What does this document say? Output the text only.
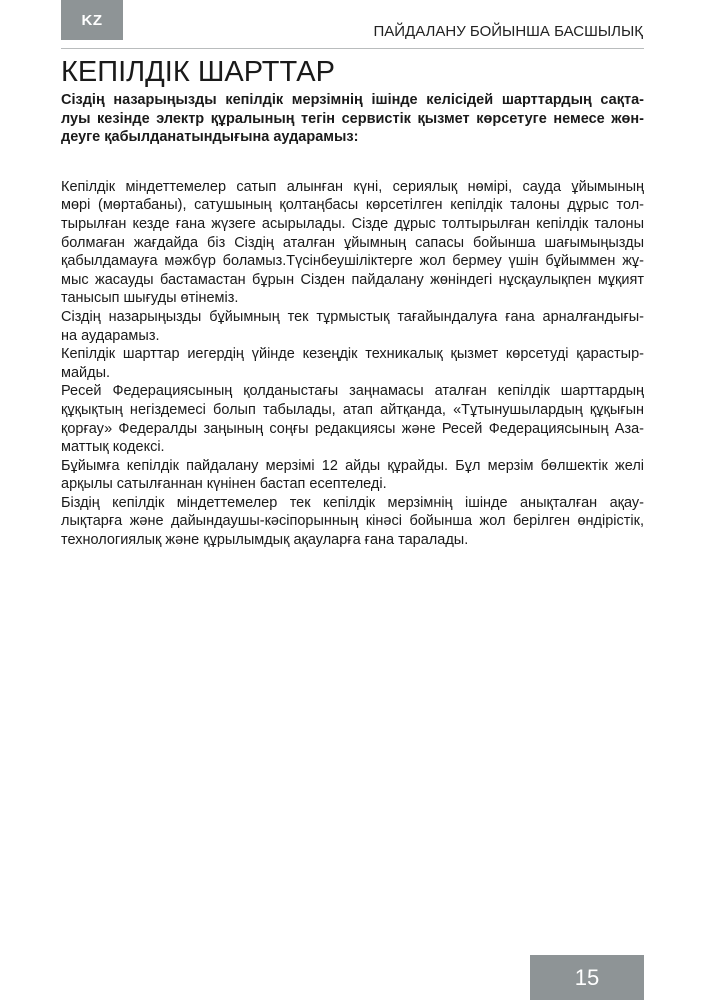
KZ
ПАЙДАЛАНУ БОЙЫНША БАСШЫЛЫҚ
КЕПІЛДІК ШАРТТАР
Сіздің назарыңызды кепілдік мерзімнің ішінде келісідей шарттардың сақта-
луы кезінде электр құралының тегін сервистік қызмет көрсетуге немесе жөн-
деуге қабылданатындығына аударамыз:
Кепілдік міндеттемелер сатып алынған күні, сериялық нөмірі, сауда ұйымының
мөрі (мөртабаны), сатушының қолтаңбасы көрсетілген кепілдік талоны дұрыс тол-
тырылған кезде ғана жүзеге асырылады. Сізде дұрыс толтырылған кепілдік талоны
болмаған жағдайда біз Сіздің аталған ұйымның сапасы бойынша шағымыңызды
қабылдамауға мәжбүр боламыз.Түсінбеушіліктерге жол бермеу үшін бұйыммен жұ-
мыс жасауды бастамастан бұрын Сізден пайдалану жөніндегі нұсқаулықпен мұқият
танысып шығуды өтінеміз.
Сіздің назарыңызды бұйымның тек тұрмыстық тағайындалуға ғана арналғандығы-
на аударамыз.
Кепілдік шарттар иегердің үйінде кезеңдік техникалық қызмет көрсетуді қарастыр-
майды.
Ресей Федерациясының қолданыстағы заңнамасы аталған кепілдік шарттардың
құқықтың негіздемесі болып табылады, атап айтқанда, «Тұтынушылардың құқығын
қорғау» Федералды заңының соңғы редакциясы және Ресей Федерациясының Аза-
маттық кодексі.
Бұйымға кепілдік пайдалану мерзімі 12 айды құрайды. Бұл мерзім бөлшектік желі
арқылы сатылғаннан күнінен бастап есептеледі.
Біздің кепілдік міндеттемелер тек кепілдік мерзімнің ішінде анықталған ақау-
лықтарға және дайындаушы-кәсіпорынның кінәсі бойынша жол берілген өндірістік,
технологиялық және құрылымдық ақауларға ғана таралады.
15
